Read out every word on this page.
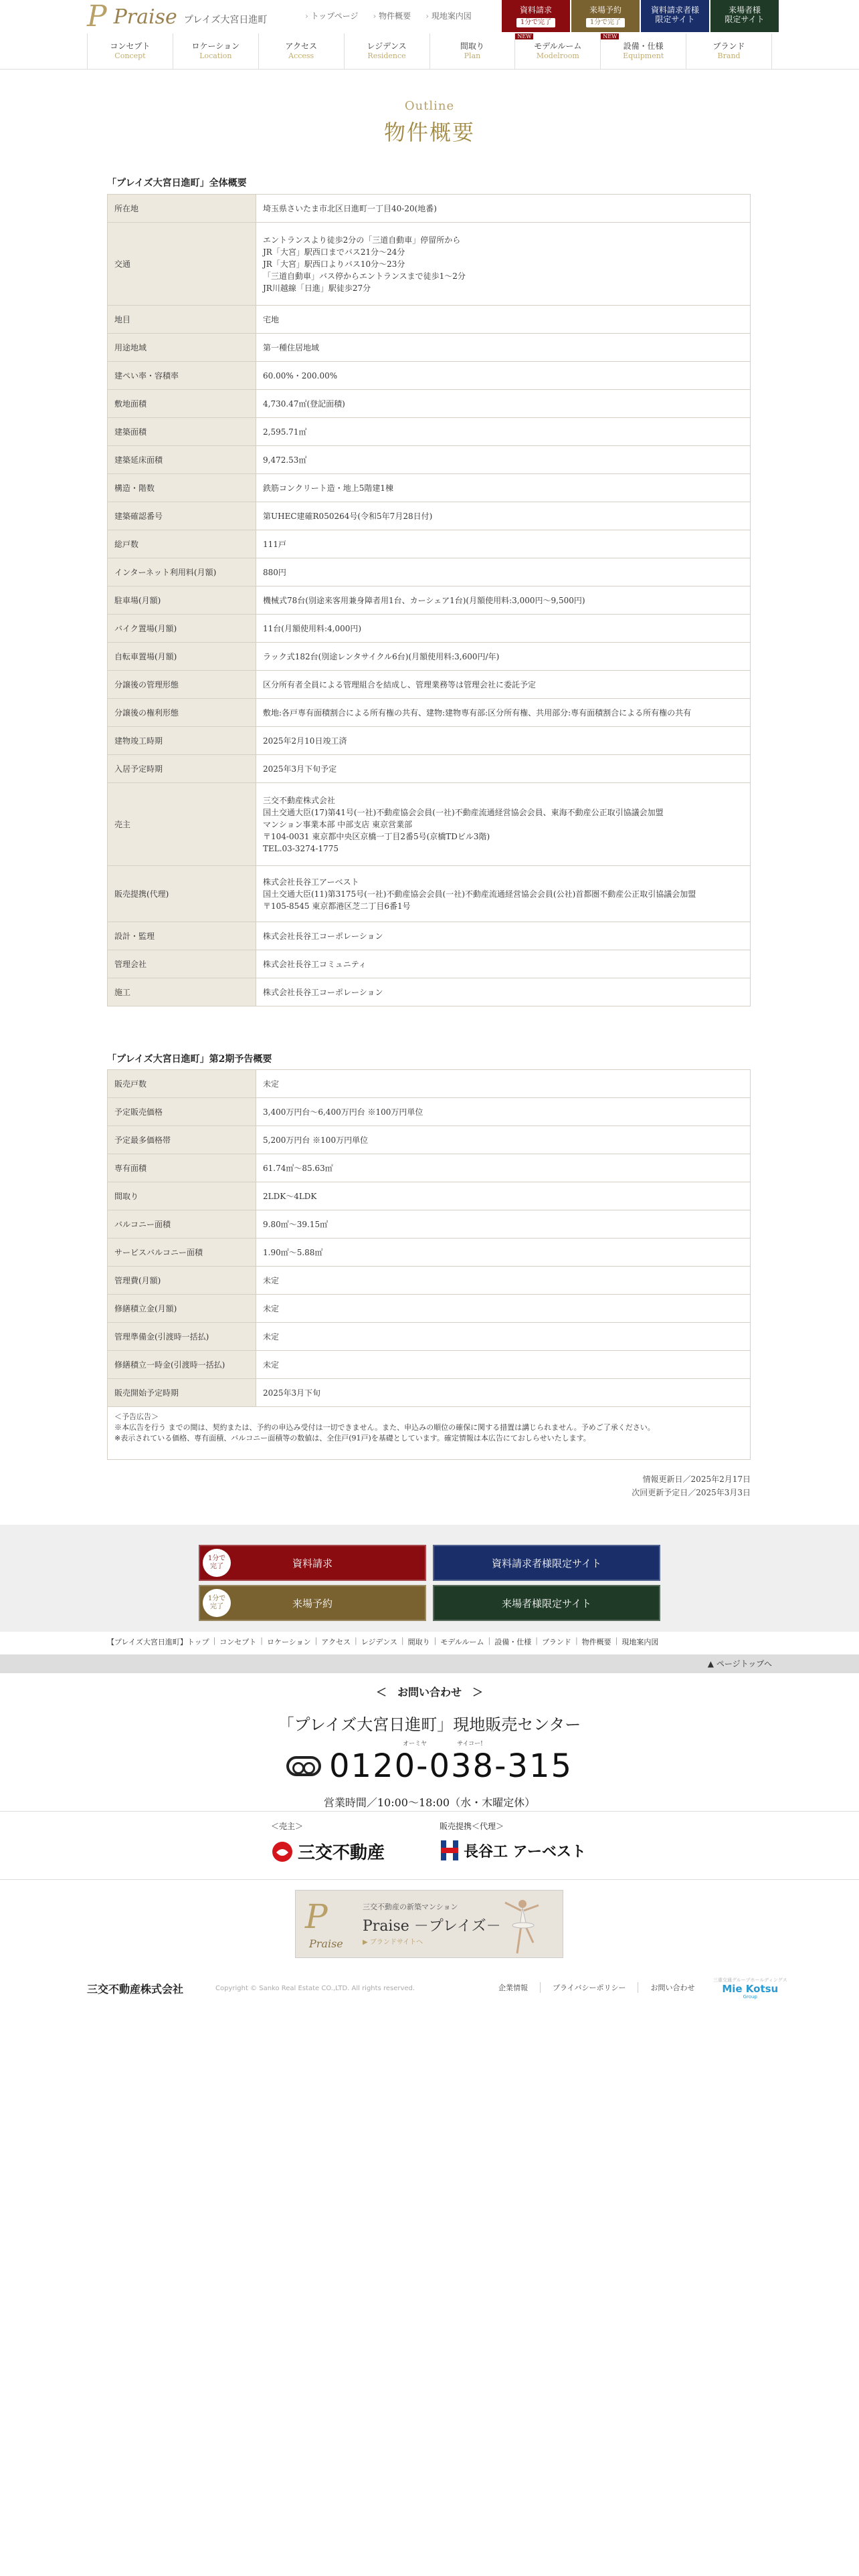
P Praise プレイズ大宮日進町	› トップページ	› 物件概要	› 現地案内図
資料請求
1分で完了
来場予約
1分で完了
資料請求者様
限定サイト
来場者様
限定サイト
コンセプト
Concept
ロケーション
Location
アクセス
Access
レジデンス
Residence
間取り
Plan
NEW
モデルルーム
Modelroom
NEW
設備・仕様
Equipment
ブランド
Brand
Outline
物件概要
「プレイズ大宮日進町」全体概要
所在地	埼玉県さいたま市北区日進町一丁目40-20(地番)
交通	エントランスより徒歩2分の「三道自動車」停留所から
JR「大宮」駅西口までバス21分〜24分
JR「大宮」駅西口よりバス10分〜23分
「三道自動車」バス停からエントランスまで徒歩1〜2分
JR川越線「日進」駅徒歩27分
地目	宅地
用途地域	第一種住居地域
建ぺい率・容積率	60.00%・200.00%
敷地面積	4,730.47㎡(登記面積)
建築面積	2,595.71㎡
建築延床面積	9,472.53㎡
構造・階数	鉄筋コンクリート造・地上5階建1棟
建築確認番号	第UHEC建確R050264号(令和5年7月28日付)
総戸数	111戸
インターネット利用料(月額)	880円
駐車場(月額)	機械式78台(別途来客用兼身障者用1台、カーシェア1台)(月額使用料:3,000円〜9,500円)
バイク置場(月額)	11台(月額使用料:4,000円)
自転車置場(月額)	ラック式182台(別途レンタサイクル6台)(月額使用料:3,600円/年)
分譲後の管理形態	区分所有者全員による管理組合を結成し、管理業務等は管理会社に委託予定
分譲後の権利形態	敷地:各戸専有面積割合による所有権の共有、建物:建物専有部:区分所有権、共用部分:専有面積割合による所有権の共有
建物竣工時期	2025年2月10日竣工済
入居予定時期	2025年3月下旬予定
売主	三交不動産株式会社
国土交通大臣(17)第41号(一社)不動産協会会員(一社)不動産流通経営協会会員、東海不動産公正取引協議会加盟
マンション事業本部 中部支店 東京営業部
〒104-0031 東京都中央区京橋一丁目2番5号(京橋TDビル3階)
TEL.03-3274-1775
販売提携(代理)	株式会社長谷工アーベスト
国土交通大臣(11)第3175号(一社)不動産協会会員(一社)不動産流通経営協会会員(公社)首都圏不動産公正取引協議会加盟
〒105-8545 東京都港区芝二丁目6番1号
設計・監理	株式会社長谷工コーポレーション
管理会社	株式会社長谷工コミュニティ
施工	株式会社長谷工コーポレーション
「プレイズ大宮日進町」第2期予告概要
販売戸数	未定
予定販売価格	3,400万円台〜6,400万円台 ※100万円単位
予定最多価格帯	5,200万円台 ※100万円単位
専有面積	61.74㎡〜85.63㎡
間取り	2LDK〜4LDK
バルコニー面積	9.80㎡〜39.15㎡
サービスバルコニー面積	1.90㎡〜5.88㎡
管理費(月額)	未定
修繕積立金(月額)	未定
管理準備金(引渡時一括払)	未定
修繕積立一時金(引渡時一括払)	未定
販売開始予定時期	2025年3月下旬

＜予告広告＞
※本広告を行う までの間は、契約または、予約の申込み受付は一切できません。また、申込みの順位の確保に関する措置は講じられません。予めご了承ください。
※表示されている価格、専有面積、バルコニー面積等の数値は、全住戸(91戸)を基礎としています。確定情報は本広告にておしらせいたします。

情報更新日／2025年2月17日
次回更新予定日／2025年3月3日
1分で
完了	資料請求	資料請求者様限定サイト
1分で
完了	来場予約	来場者様限定サイト
【プレイズ大宮日進町】トップ | コンセプト | ロケーション | アクセス | レジデンス | 間取り | モデルルーム | 設備・仕様 | ブランド | 物件概要 | 現地案内図
▲ ページトップへ
＜　お問い合わせ　＞
「プレイズ大宮日進町」現地販売センター
オーミヤ　　　　　サイコー!
0120-038-315
営業時間／10:00〜18:00（水・木曜定休）
＜売主＞
三交不動産
販売提携＜代理＞
長谷工 アーベスト
P
Praise
三交不動産の新築マンション
Praise －プレイズ－
▶ ブランドサイトへ
三交不動産株式会社	Copyright © Sanko Real Estate CO.,LTD. All rights reserved.	企業情報	プライバシーポリシー	お問い合わせ
三重交通グループホールディングス
Mie Kotsu
Group
